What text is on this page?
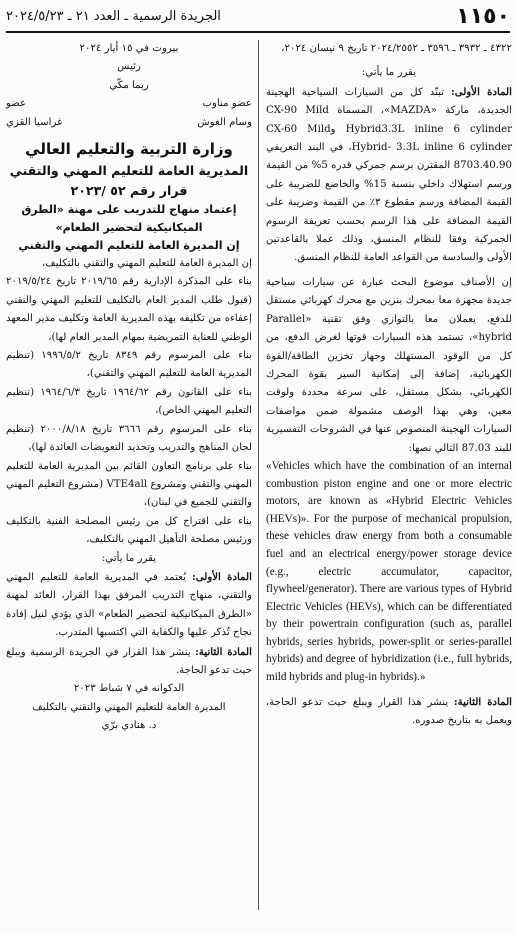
١١٥٠
الجريدة الرسمية ـ العدد ٢١ ـ ٢٠٢٤/٥/٢٣

٤٣٢٢ ـ ٣٩٣٢ ـ ٣٥٩٦ ـ ٢٠٢٤/٢٥٥٢ تاريخ ٩ نيسان ٢٠٢٤،

يقرر ما يأتي:

المادة الأولى: تبنّد كل من السيارات السياحية الهجينة الجديدة، ماركة «MAZDA»، المسماة CX-90 Mild Hybrid3.3L inline 6 cylinder وCX-60 Mild Hybrid- 3.3L inline 6 cylinder، في البند التعريفي 8703.40.90 المقترن برسم جمركي قدره 5% من القيمة ورسم استهلاك داخلي بنسبة 15% والخاضع للضريبة على القيمة المضافة ورسم مقطوع ٣٪ من القيمة وضريبة على القيمة المضافة على هذا الرسم بحسب تعريفة الرسوم الجمركية وفقا للنظام المنسق، وذلك عملا بالقاعدتين الأولى والسادسة من القواعد العامة للنظام المنسق.

إن الأصناف موضوع البحث عبارة عن سيارات سياحية جديدة مجهزة معا بمحرك بنزين مع محرك كهربائي مستقل للدفع، يعملان معا بالتوازي وفق تقنية «Parallel hybrid»، تستمد هذه السيارات قوتها لغرض الدفع، من كل من الوقود المستهلك وجهاز تخزين الطاقة/القوة الكهربائية، إضافة إلى إمكانية السير بقوة المحرك الكهربائي، بشكل مستقل، على سرعة محددة ولوقت معين، وهي بهذا الوصف مشمولة ضمن مواصفات السيارات الهجينة المنصوص عنها في الشروحات التفسيرية للبند 87.03 التالي نصها:

«Vehicles which have the combination of an internal combustion piston engine and one or more electric motors, are known as «Hybrid Electric Vehicles (HEVs)». For the purpose of mechanical propulsion, these vehicles draw energy from both a consumable fuel and an electrical energy/power storage device (e.g., electric accumulator, capacitor, flywheel/generator). There are various types of Hybrid Electric Vehicles (HEVs), which can be differentiated by their powertrain configuration (such as, parallel hybrids, series hybrids, power-split or series-parallel hybrids) and degree of hybridization (i.e., full hybrids, mild hybrids and plug-in hybrids).»

المادة الثانية: ينشر هذا القرار ويبلغ حيث تدعو الحاجة، ويعمل به بتاريخ صدوره.

بيروت في ١٥ أيار ٢٠٢٤

رئيس

ريما مكّي

عضو مناوب
عضو
وسام الغوش
غراسيا القزي

وزارة التربية والتعليم العالي

المديرية العامة للتعليم المهني والتقني

قرار رقم ٥٢ /٢٠٢٣

إعتماد منهاج للتدريب على مهنة «الطرق الميكانيكية لتحضير الطعام»

إن المديرة العامة للتعليم المهني والتقني

إن المديرة العامة للتعليم المهني والتقني بالتكليف،

بناء على المذكرة الإدارية رقم ٢٠١٩/٦٥ تاريخ ٢٠١٩/٥/٢٤ (قبول طلب المدير العام بالتكليف للتعليم المهني والتقني إعفاءه من تكليفه بهذه المديرية العامة وتكليف مدير المعهد الوطني للعناية التمريضية بمهام المدير العام لها)،

بناء على المرسوم رقم ٨٣٤٩ تاريخ ١٩٩٦/٥/٢ (تنظيم المديرية العامة للتعليم المهني والتقني)،

بناء على القانون رقم ١٩٦٤/٦٢ تاريخ ١٩٦٤/٦/٣ (تنظيم التعليم المهني الخاص)،

بناء على المرسوم رقم ٣٦٦٦ تاريخ ٢٠٠٠/٨/١٨ (تنظيم لجان المناهج والتدريب وتحديد التعويضات العائدة لها)،

بناء على برنامج التعاون القائم بين المديرية العامة للتعليم المهني والتقني ومشروع VTE4all (مشروع التعليم المهني والتقني للجميع في لبنان)،

بناء على اقتراح كل من رئيس المصلحة الفنية بالتكليف ورئيس مصلحة التأهيل المهني بالتكليف،

يقرر ما يأتي:

المادة الأولى: يُعتمد في المديرية العامة للتعليم المهني والتقني، منهاج التدريب المرفق بهذا القرار، العائد لمهنة «الطرق الميكانيكية لتحضير الطعام» الذي يؤدي لنيل إفادة نجاح تُذكر عليها والكفاية التي اكتسبها المتدرب.

المادة الثانية: ينشر هذا القرار في الجريدة الرسمية ويبلغ حيث تدعو الحاجة.

الدكوانه في ٧ شباط ٢٠٢٣

المديرة العامة للتعليم المهني والتقني بالتكليف

د. هنادي برّي
